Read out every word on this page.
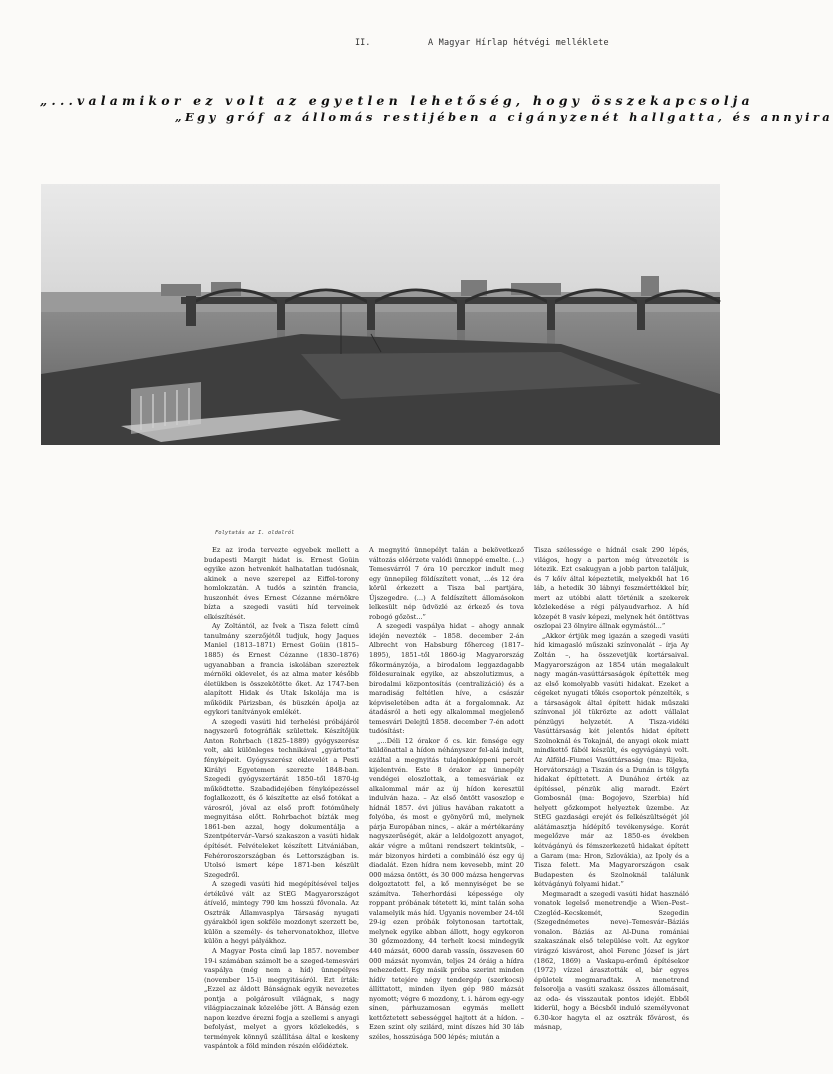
II.	A Magyar Hírlap hétvégi melléklete
„...valamikor ez volt az egyetlen lehetőség, hogy összekapcsolja
„Egy gróf az állomás restijében a cigányzenét hallgatta, és annyira
Folytatás az I. oldalról

Ez az iroda tervezte egyebek mellett a budapesti Margit hidat is. Ernest Goüin egyike azon hetvenkét halhatatlan tudósnak, akinek a neve szerepel az Eiffel-torony homlokzatán. A tudós a szintén francia, huszonhét éves Ernest Cézanne mérnökre bízta a szegedi vasúti híd terveinek elkészítését.

Ay Zoltántól, az Ívek a Tisza felett című tanulmány szerzőjétől tudjuk, hogy Jaques Maniel (1813–1871) Ernest Goüin (1815–1885) és Ernest Cézanne (1830–1876) ugyanabban a francia iskolában szereztek mérnöki oklevelet, és az alma mater később életükben is összekötötte őket. Az 1747-ben alapított Hidak és Utak Iskolája ma is működik Párizsban, és büszkén ápolja az egykori tanítványok emlékét.

A szegedi vasúti hid terhelési próbájáról nagyszerű fotográfiák születtek. Készítőjük Anton Rohrbach (1825–1889) gyógyszerész volt, aki különleges technikával „gyártotta” fényképeit. Gyógyszerész oklevelét a Pesti Királyi Egyetemen szerezte 1848-ban. Szegedi gyógyszertárát 1850–től 1870-ig működtette. Szabadidejében fényképezéssel foglalkozott, és ő készítette az első fotókat a városról, jóval az első proft fotóműhely megnyitása előtt. Rohrbachot bízták meg 1861-ben azzal, hogy dokumentálja a Szentpétervár–Varsó szakaszon a vasúti hidak építését. Felvételeket készített Litvániában, Fehéroroszországban és Lettországban is. Utolsó ismert képe 1871-ben készült Szegedről.

A szegedi vasúti hid megépítésével teljes értékűvé vált az StEG Magyarországot átívelő, mintegy 790 km hosszú fővonala. Az Osztrák Államvasplya Társaság nyugati gyárakból igen sokféle mozdonyt szerzett be, külön a személy- és tehervonatokhoz, illetve külön a hegyi pályákhoz.

A Magyar Posta című lap 1857. november 19-i számában számolt be a szeged-temesvári vaspálya (még nem a híd) ünnepélyes (november 15-i) megnyitásáról. Ezt írták: „Ezzel az áldott Bánságnak egyik nevezetes pontja a polgárosult világnak, s nagy világpiaczainak közelébe jött. A Bánság ezen napon kezdve érezni fogja a szellemi s anyagi befolyást, melyet a gyors közlekedés, s termények könnyű szállítása által e keskeny vaspántok a föld minden részén előidéztek.

A megnyitó ünnepélyt talán a bekövetkező változás előérzete valódi ünneppé emelte. (...) Temesvárról 7 óra 10 perczkor indult meg egy ünnepileg földíszített vonat, ...és 12 óra körül érkezett a Tisza bal partjára, Újszegedre. (...) A feldíszített állomásokon lelkesült nép üdvözlé az érkező és tova robogó gőzöst...”

A szegedi vaspálya hidat – ahogy annak idején nevezték – 1858. december 2-án Albrecht von Habsburg főherceg (1817–1895), 1851–től 1860-ig Magyarország főkormányzója, a birodalom leggazdagabb földesurainak egyike, az abszolutizmus, a birodalmi központosítás (centralizáció) és a maradiság feltétlen híve, a császár képviseletében adta át a forgalomnak. Az átadásról a heti egy alkalommal megjelenő temesvári Delejtű 1858. december 7-én adott tudósítást:

„...Déli 12 órakor ő cs. kir. fensége egy küldönattal a hídon néhányszor fel-alá indult, ezáltal a megnyitás tulajdonképpeni percét kijelentvén. Este 8 órakor az ünnepély vendégei eloszlottak, a temesváriak ez alkalommal már az új hídon keresztül indulván haza. – Az első öntött vasoszlop e hídnál 1857. évi július havában rakatott a folyóba, és most e gyönyörű mű, melynek párja Europában nincs, – akár a mértékarány nagyszerűségét, akár a leldolgozott anyagot, akár végre a műtani rendszert tekintsük, – már bizonyos hirdeti a combináló ész egy új diadalát. Ezen hídra nem kevesebb, mint 20 000 mázsa öntött, és 30 000 mázsa hengervas dolgoztatott fel, a kő mennyiséget be se számítva. Teherhordási képessége oly roppant próbának tétetett ki, mint talán soha valamelyik más híd. Ugyanis november 24-től 29-ig ezen próbák folytonosan tartottak, melynek egyike abban állott, hogy egykoron 30 gőzmozdony, 44 terhelt kocsi mindegyik 440 mázsát, 6000 darab vassín, összvesen 60 000 mázsát nyomván, teljes 24 óráig a hídra nehezedett. Egy másik próba szerint minden hídív tetejére négy tendergép (szerkocsi) állíttatott, minden ilyen gép 980 mázsát nyomott; végre 6 mozdony, t. i. három egy-egy sínen, párhuzamosan egymás mellett kettőztetett sebességgel hajtott át a hídon. – Ezen szint oly szilárd, mint díszes híd 30 láb széles, hosszúsága 500 lépés; miután a

Tisza szélessége e hídnál csak 290 lépés, világos, hogy a parton még útvezeték is létezik. Ezt csakugyan a jobb parton találjuk, és 7 kőív által képeztetik, melyekből hat 16 láb, a hetedik 30 lábnyi feszmérttékkel bír, mert az utóbbi alatt történik a szekerek közlekedése a régi pályaudvarhoz. A híd közepét 8 vasív képezi, melynek hét öntöttvas oszlopai 23 ölnyire állnak egymástól...”

„Akkor értjük meg igazán a szegedi vasúti híd kimagasló műszaki színvonalát – írja Ay Zoltán –, ha összevetjük kortársaival. Magyarországon az 1854 után megalakult nagy magán-vasúttársaságok építették meg az első komolyabb vasúti hidakat. Ezeket a cégeket nyugati tőkés csoportok pénzelték, s a társaságok által épített hidak műszaki színvonal jól tükrözte az adott vállalat pénzügyi helyzetét. A Tisza-vidéki Vasúttársaság két jelentős hidat épített Szolnoknál és Tokajnál, de anyagi okok miatt mindkettő fából készült, és egyvágányú volt. Az Alföld–Fiumei Vasúttársaság (ma: Rijeka, Horvátország) a Tiszán és a Dunán is tölgyfa hidakat építtetett. A Dunához érték az építéssel, pénzük alig maradt. Ezért Gombosnál (ma: Bogojevo, Szerbia) híd helyett gőzkompot helyeztek üzembe. Az StEG gazdasági erejét és felkészültségét jól alátámasztja hídépítő tevékenysége. Korát megelőzve már az 1850-es években kétvágányú és fémszerkezetű hidakat épített a Garam (ma: Hron, Szlovákia), az Ipoly és a Tisza felett. Ma Magyarországon csak Budapesten és Szolnoknál találunk kétvágányú folyami hidat.”

Megmaradt a szegedi vasúti hidat használó vonatok legelső menetrendje a Wien–Pest–Czegléd–Kecskemét, Szegedin (Szegednémetes neve)–Temesvár–Báziás vonalon. Báziás az Al-Duna romániai szakaszának első települése volt. Az egykor virágzó kisvárost, ahol Ferenc József is járt (1862, 1869) a Vaskapu-erőmű építésekor (1972) vízzel árasztották el, bár egyes épületek megmaradtak. A menetrend felsorolja a vasúti szakasz összes állomásait, az oda- és visszautak pontos idejét. Ebből kiderül, hogy a Bécsből induló személyvonat 6.30-kor hagyta el az osztrák fővárost, és másnap,
